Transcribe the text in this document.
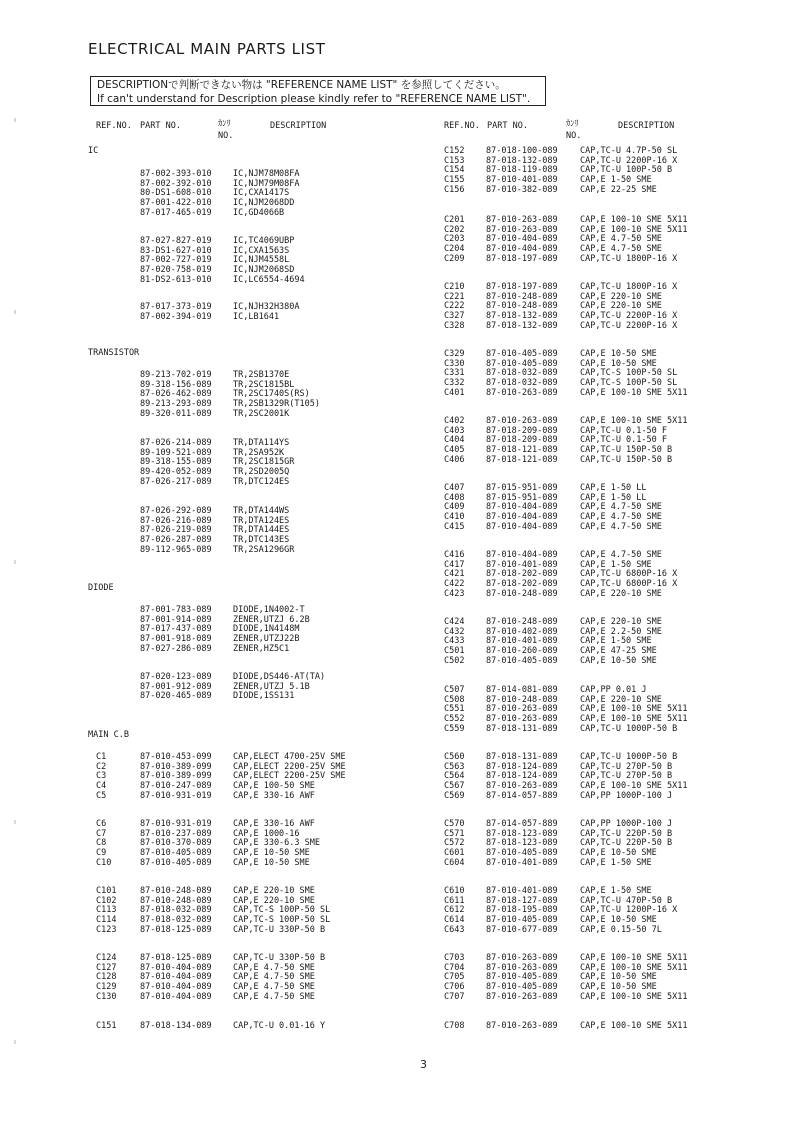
ELECTRICAL MAIN PARTS LIST
DESCRIPTIONで判断できない物は "REFERENCE NAME LIST" を参照してください。
If can't understand for Description please kindly refer to "REFERENCE NAME LIST".
REF.NO. PART NO.	ｶﾝﾘ
NO.
DESCRIPTION	REF.NO. PART NO.	ｶﾝﾘ
NO.
DESCRIPTION
IC
87-002-393-010	IC,NJM78M08FA
87-002-392-010	IC,NJM79M08FA
80-DS1-608-010	IC,CXA1417S
87-001-422-010	IC,NJM2068DD
87-017-465-019	IC,GD4066B
87-027-827-019	IC,TC4069UBP
83-DS1-627-010	IC,CXA1563S
87-002-727-019	IC,NJM4558L
87-020-758-019	IC,NJM2068SD
81-DS2-613-010	IC,LC6554-4694
87-017-373-019	IC,NJH32H380A
87-002-394-019	IC,LB1641
TRANSISTOR
89-213-702-019	TR,2SB1370E
89-318-156-089	TR,2SC1815BL
87-026-462-089	TR,2SC1740S(RS)
89-213-293-089	TR,2SB1329R(T105)
89-320-011-089	TR,2SC2001K
87-026-214-089	TR,DTA114YS
89-109-521-089	TR,2SA952K
89-318-155-089	TR,2SC1815GR
89-420-052-089	TR,2SD2005Q
87-026-217-089	TR,DTC124ES
87-026-292-089	TR,DTA144WS
87-026-216-089	TR,DTA124ES
87-026-219-089	TR,DTA144ES
87-026-287-089	TR,DTC143ES
89-112-965-089	TR,2SA1296GR
DIODE
87-001-783-089	DIODE,1N4002-T
87-001-914-089	ZENER,UTZJ 6.2B
87-017-437-089	DIODE,1N4148M
87-001-918-089	ZENER,UTZJ22B
87-027-286-089	ZENER,HZ5C1
87-020-123-089	DIODE,DS446-AT(TA)
87-001-912-089	ZENER,UTZJ 5.1B
87-020-465-089	DIODE,1SS131
MAIN C.B
C1	87-010-453-099	CAP,ELECT 4700-25V SME
C2	87-010-389-099	CAP,ELECT 2200-25V SME
C3	87-010-389-099	CAP,ELECT 2200-25V SME
C4	87-010-247-089	CAP,E 100-50 SME
C5	87-010-931-019	CAP,E 330-16 AWF
C6	87-010-931-019	CAP,E 330-16 AWF
C7	87-010-237-089	CAP,E 1000-16
C8	87-010-370-089	CAP,E 330-6.3 SME
C9	87-010-405-089	CAP,E 10-50 SME
C10	87-010-405-089	CAP,E 10-50 SME
C101	87-010-248-089	CAP,E 220-10 SME
C102	87-010-248-089	CAP,E 220-10 SME
C113	87-018-032-089	CAP,TC-S 100P-50 SL
C114	87-018-032-089	CAP,TC-S 100P-50 SL
C123	87-018-125-089	CAP,TC-U 330P-50 B
C124	87-018-125-089	CAP,TC-U 330P-50 B
C127	87-010-404-089	CAP,E 4.7-50 SME
C128	87-010-404-089	CAP,E 4.7-50 SME
C129	87-010-404-089	CAP,E 4.7-50 SME
C130	87-010-404-089	CAP,E 4.7-50 SME
C151	87-018-134-089	CAP,TC-U 0.01-16 Y
C152	87-018-100-089	CAP,TC-U 4.7P-50 SL
C153	87-018-132-089	CAP,TC-U 2200P-16 X
C154	87-018-119-089	CAP,TC-U 100P-50 B
C155	87-010-401-089	CAP,E 1-50 SME
C156	87-010-382-089	CAP,E 22-25 SME
C201	87-010-263-089	CAP,E 100-10 SME 5X11
C202	87-010-263-089	CAP,E 100-10 SME 5X11
C203	87-010-404-089	CAP,E 4.7-50 SME
C204	87-010-404-089	CAP,E 4.7-50 SME
C209	87-018-197-089	CAP,TC-U 1800P-16 X
C210	87-018-197-089	CAP,TC-U 1800P-16 X
C221	87-010-248-089	CAP,E 220-10 SME
C222	87-010-248-089	CAP,E 220-10 SME
C327	87-018-132-089	CAP,TC-U 2200P-16 X
C328	87-018-132-089	CAP,TC-U 2200P-16 X
C329	87-010-405-089	CAP,E 10-50 SME
C330	87-010-405-089	CAP,E 10-50 SME
C331	87-018-032-089	CAP,TC-S 100P-50 SL
C332	87-018-032-089	CAP,TC-S 100P-50 SL
C401	87-010-263-089	CAP,E 100-10 SME 5X11
C402	87-010-263-089	CAP,E 100-10 SME 5X11
C403	87-018-209-089	CAP,TC-U 0.1-50 F
C404	87-018-209-089	CAP,TC-U 0.1-50 F
C405	87-018-121-089	CAP,TC-U 150P-50 B
C406	87-018-121-089	CAP,TC-U 150P-50 B
C407	87-015-951-089	CAP,E 1-50 LL
C408	87-015-951-089	CAP,E 1-50 LL
C409	87-010-404-089	CAP,E 4.7-50 SME
C410	87-010-404-089	CAP,E 4.7-50 SME
C415	87-010-404-089	CAP,E 4.7-50 SME
C416	87-010-404-089	CAP,E 4.7-50 SME
C417	87-010-401-089	CAP,E 1-50 SME
C421	87-018-202-089	CAP,TC-U 6800P-16 X
C422	87-018-202-089	CAP,TC-U 6800P-16 X
C423	87-010-248-089	CAP,E 220-10 SME
C424	87-010-248-089	CAP,E 220-10 SME
C432	87-010-402-089	CAP,E 2.2-50 SME
C433	87-010-401-089	CAP,E 1-50 SME
C501	87-010-260-089	CAP,E 47-25 SME
C502	87-010-405-089	CAP,E 10-50 SME
C507	87-014-081-089	CAP,PP 0.01 J
C508	87-010-248-089	CAP,E 220-10 SME
C551	87-010-263-089	CAP,E 100-10 SME 5X11
C552	87-010-263-089	CAP,E 100-10 SME 5X11
C559	87-018-131-089	CAP,TC-U 1000P-50 B
C560	87-018-131-089	CAP,TC-U 1000P-50 B
C563	87-018-124-089	CAP,TC-U 270P-50 B
C564	87-018-124-089	CAP,TC-U 270P-50 B
C567	87-010-263-089	CAP,E 100-10 SME 5X11
C569	87-014-057-889	CAP,PP 1000P-100 J
C570	87-014-057-889	CAP,PP 1000P-100 J
C571	87-018-123-089	CAP,TC-U 220P-50 B
C572	87-018-123-089	CAP,TC-U 220P-50 B
C601	87-010-405-089	CAP,E 10-50 SME
C604	87-010-401-089	CAP,E 1-50 SME
C610	87-010-401-089	CAP,E 1-50 SME
C611	87-018-127-089	CAP,TC-U 470P-50 B
C612	87-018-195-089	CAP,TC-U 1200P-16 X
C614	87-010-405-089	CAP,E 10-50 SME
C643	87-010-677-089	CAP,E 0.15-50 7L
C703	87-010-263-089	CAP,E 100-10 SME 5X11
C704	87-010-263-089	CAP,E 100-10 SME 5X11
C705	87-010-405-089	CAP,E 10-50 SME
C706	87-010-405-089	CAP,E 10-50 SME
C707	87-010-263-089	CAP,E 100-10 SME 5X11
C708	87-010-263-089	CAP,E 100-10 SME 5X11
3
